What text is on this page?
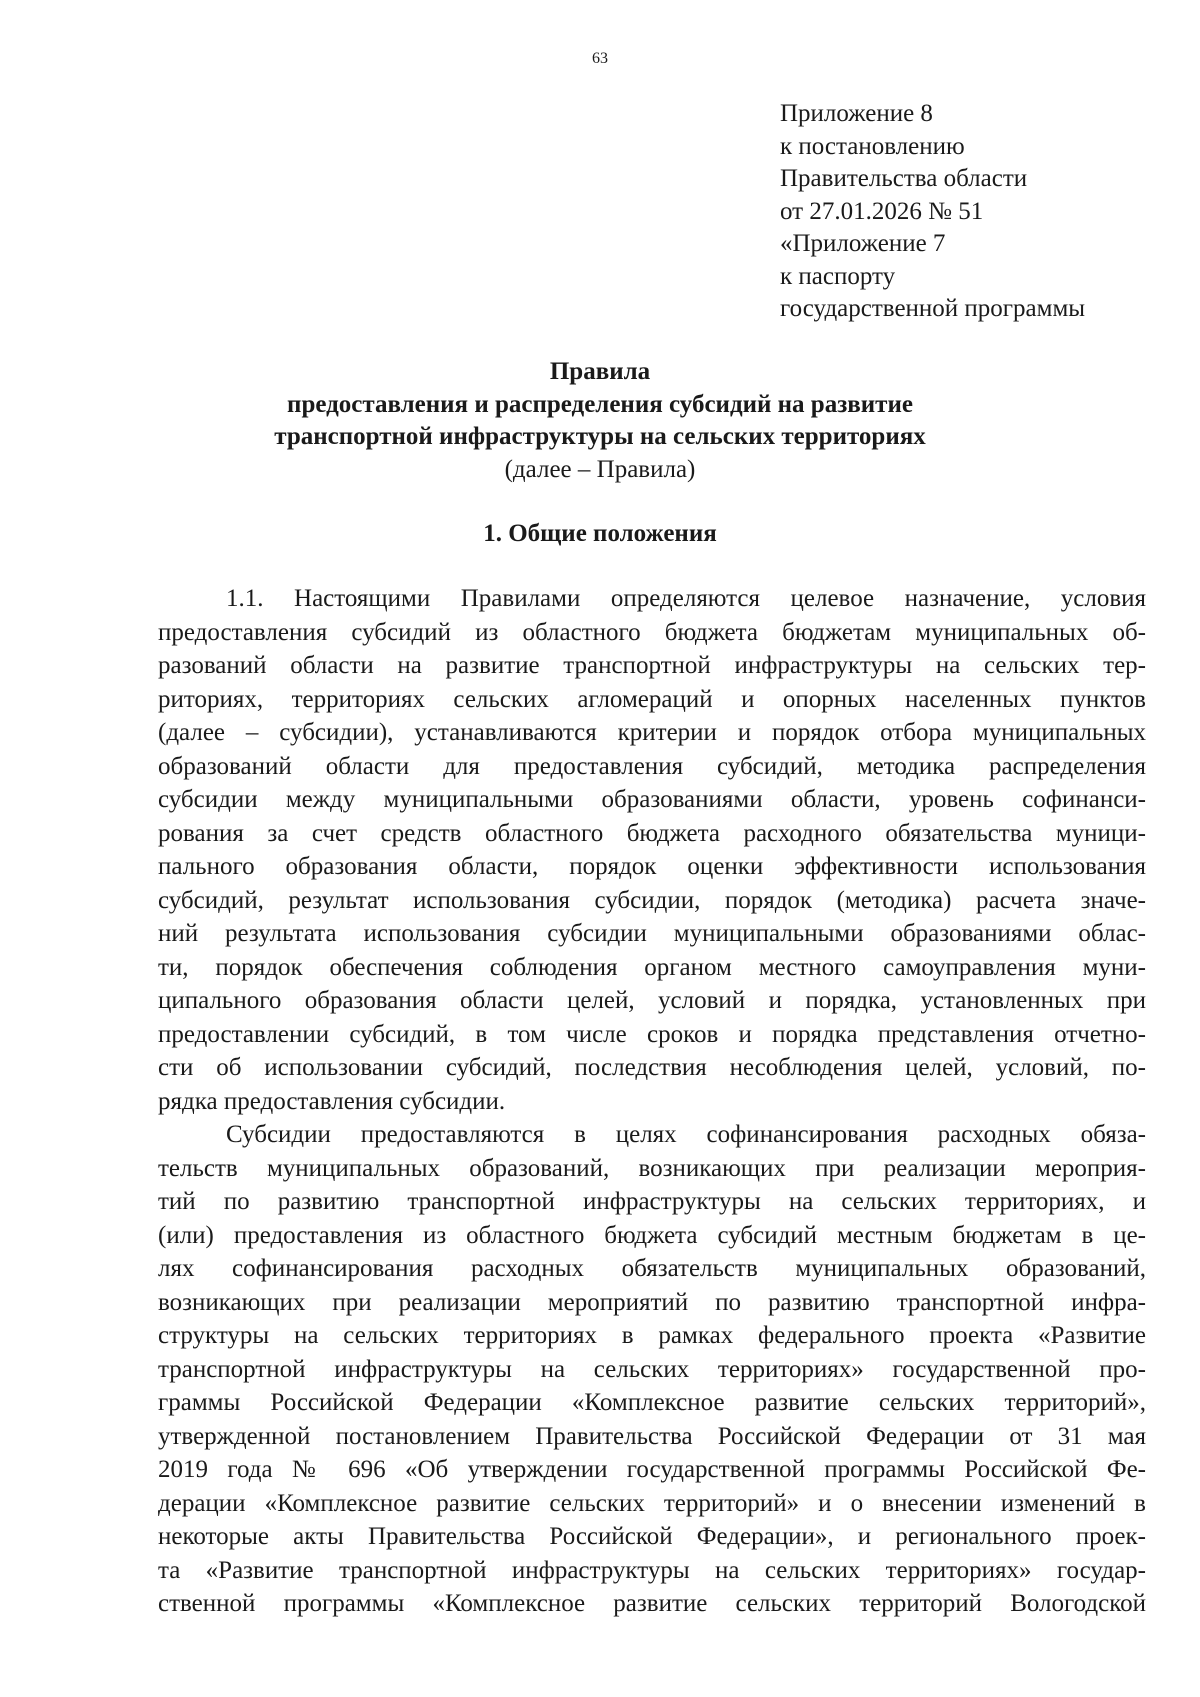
63
Приложение 8
к постановлению
Правительства области
от 27.01.2026 № 51
«Приложение 7
к паспорту
государственной программы
Правила
предоставления и распределения субсидий на развитие
транспортной инфраструктуры на сельских территориях
(далее – Правила)
1. Общие положения
1.1. Настоящими Правилами определяются целевое назначение, условия
предоставления субсидий из областного бюджета бюджетам муниципальных об-
разований области на развитие транспортной инфраструктуры на сельских тер-
риториях, территориях сельских агломераций и опорных населенных пунктов
(далее – субсидии), устанавливаются критерии и порядок отбора муниципальных
образований области для предоставления субсидий, методика распределения
субсидии между муниципальными образованиями области, уровень софинанси-
рования за счет средств областного бюджета расходного обязательства муници-
пального образования области, порядок оценки эффективности использования
субсидий, результат использования субсидии, порядок (методика) расчета значе-
ний результата использования субсидии муниципальными образованиями облас-
ти, порядок обеспечения соблюдения органом местного самоуправления муни-
ципального образования области целей, условий и порядка, установленных при
предоставлении субсидий, в том числе сроков и порядка представления отчетно-
сти об использовании субсидий, последствия несоблюдения целей, условий, по-
рядка предоставления субсидии.
Субсидии предоставляются в целях софинансирования расходных обяза-
тельств муниципальных образований, возникающих при реализации мероприя-
тий по развитию транспортной инфраструктуры на сельских территориях, и
(или) предоставления из областного бюджета субсидий местным бюджетам в це-
лях софинансирования расходных обязательств муниципальных образований,
возникающих при реализации мероприятий по развитию транспортной инфра-
структуры на сельских территориях в рамках федерального проекта «Развитие
транспортной инфраструктуры на сельских территориях» государственной про-
граммы Российской Федерации «Комплексное развитие сельских территорий»,
утвержденной постановлением Правительства Российской Федерации от 31 мая
2019 года № 696 «Об утверждении государственной программы Российской Фе-
дерации «Комплексное развитие сельских территорий» и о внесении изменений в
некоторые акты Правительства Российской Федерации», и регионального проек-
та «Развитие транспортной инфраструктуры на сельских территориях» государ-
ственной программы «Комплексное развитие сельских территорий Вологодской
